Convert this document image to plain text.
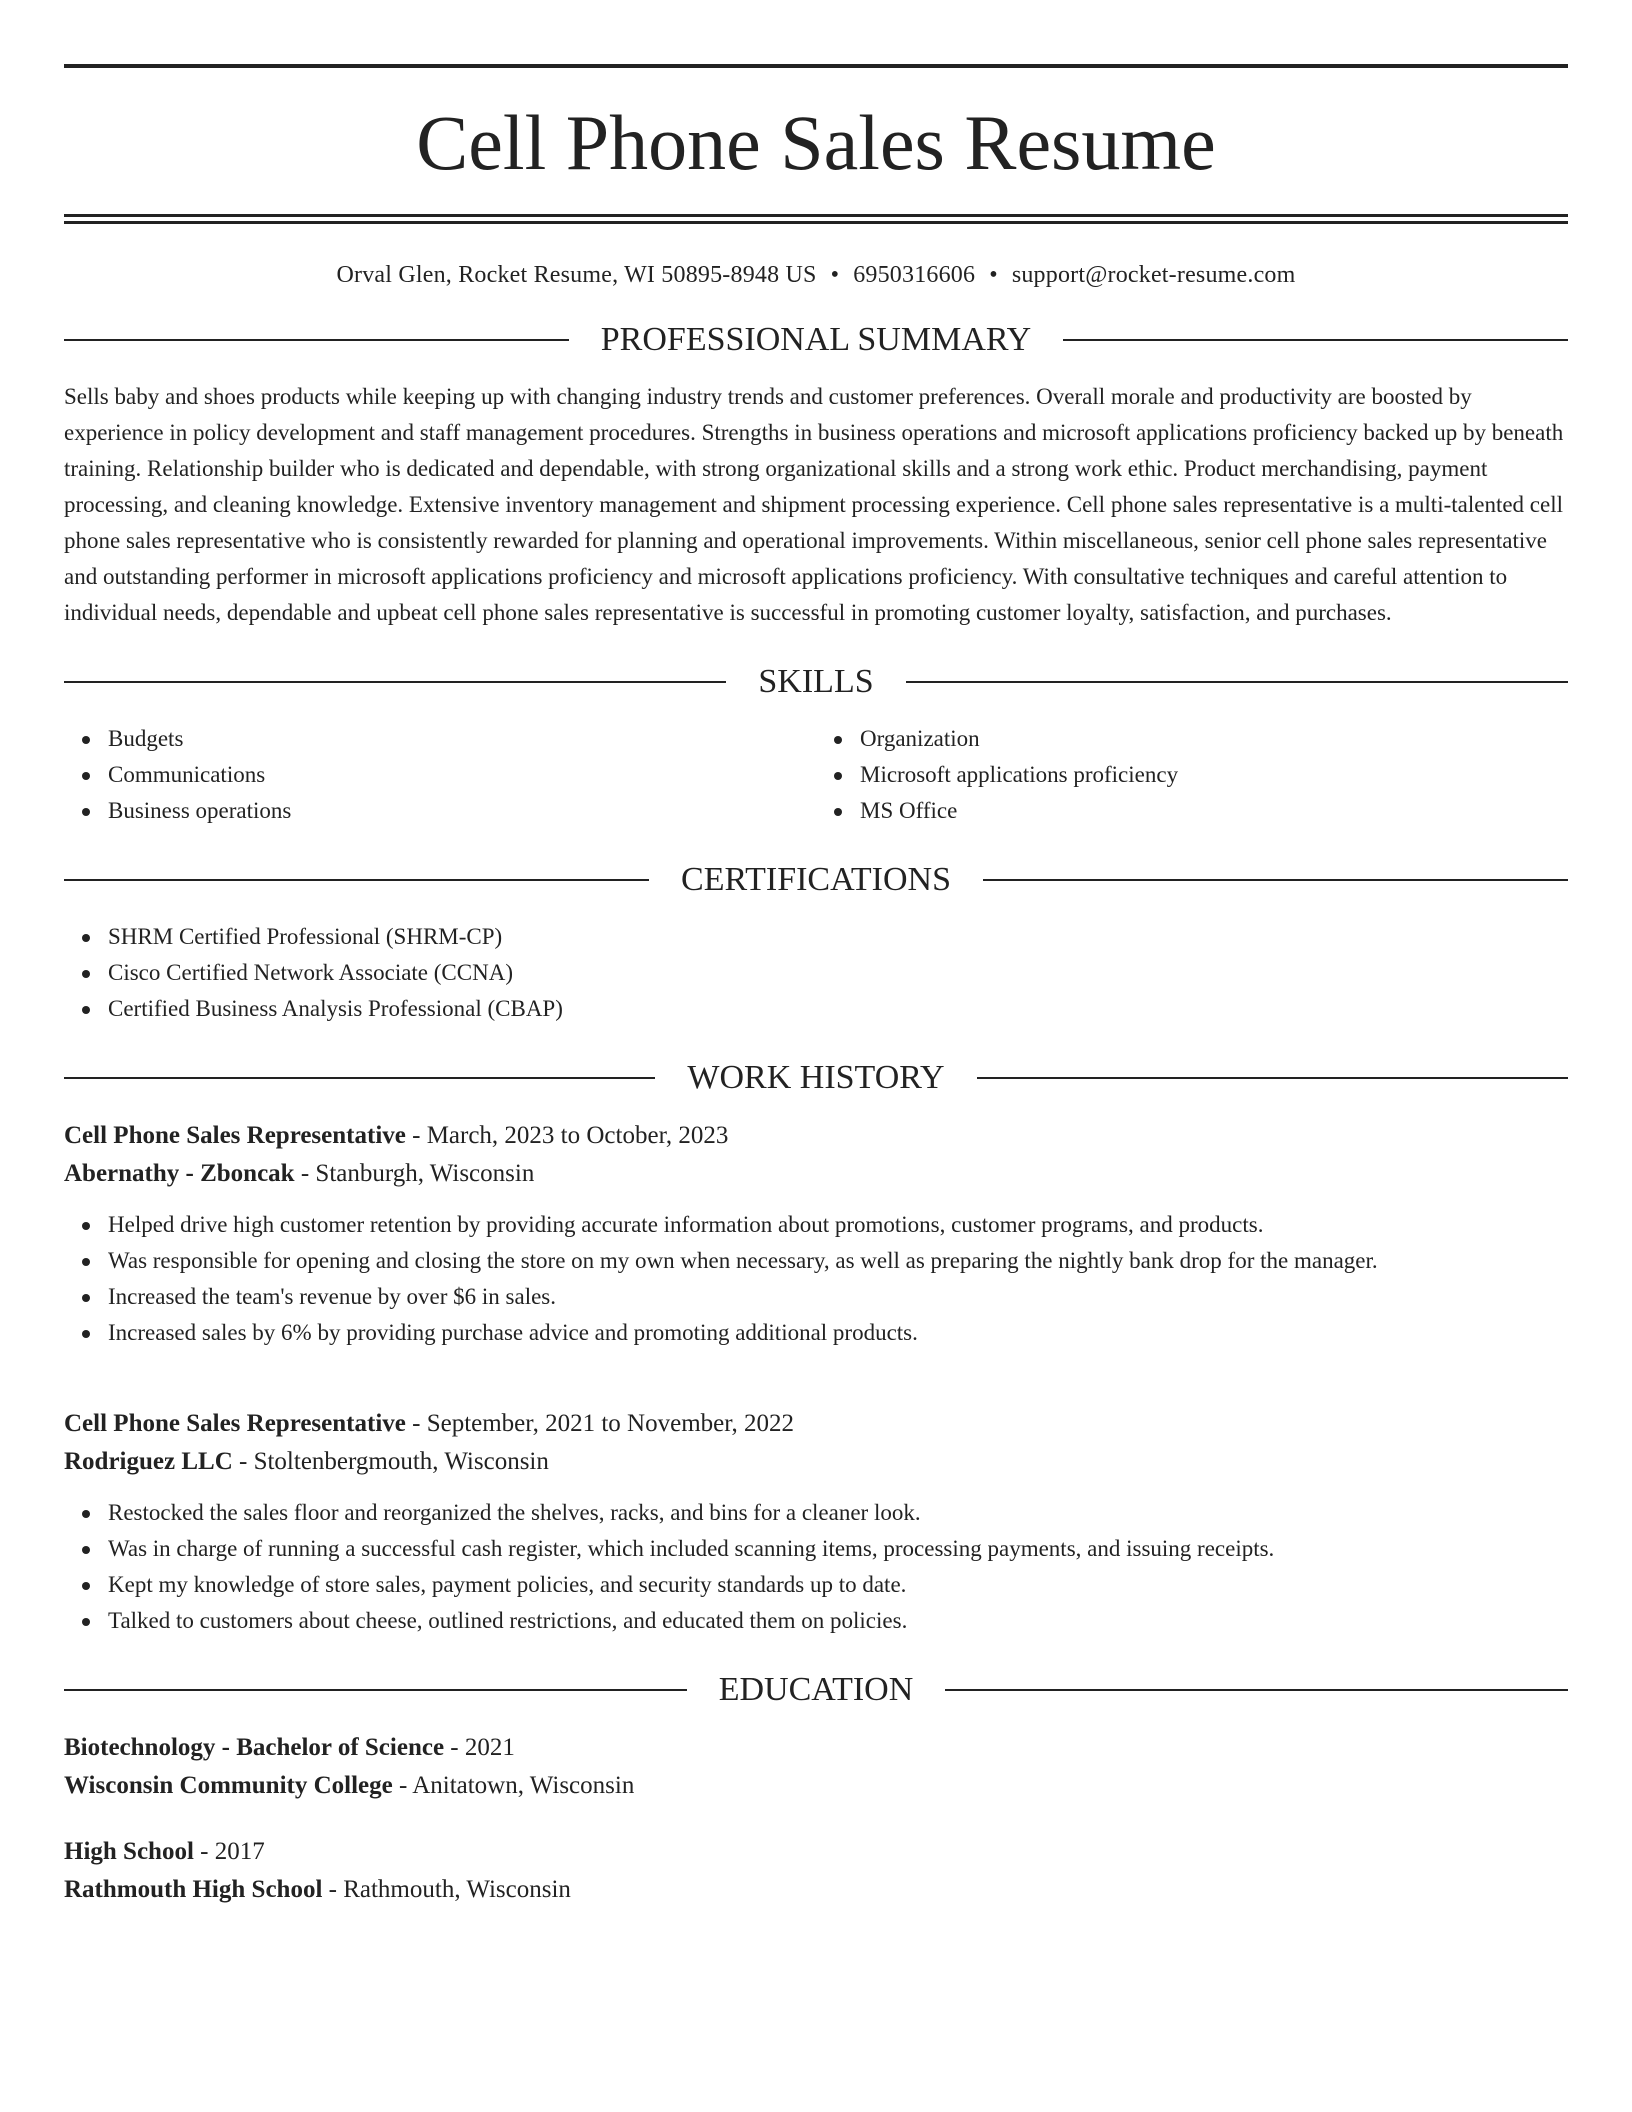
Cell Phone Sales Resume
Orval Glen, Rocket Resume, WI 50895-8948 US • 6950316606 • support@rocket-resume.com
PROFESSIONAL SUMMARY

Sells baby and shoes products while keeping up with changing industry trends and customer preferences. Overall morale and productivity are boosted by experience in policy development and staff management procedures. Strengths in business operations and microsoft applications proficiency backed up by beneath training. Relationship builder who is dedicated and dependable, with strong organizational skills and a strong work ethic. Product merchandising, payment processing, and cleaning knowledge. Extensive inventory management and shipment processing experience. Cell phone sales representative is a multi-talented cell phone sales representative who is consistently rewarded for planning and operational improvements. Within miscellaneous, senior cell phone sales representative and outstanding performer in microsoft applications proficiency and microsoft applications proficiency. With consultative techniques and careful attention to individual needs, dependable and upbeat cell phone sales representative is successful in promoting customer loyalty, satisfaction, and purchases.

SKILLS
Budgets
Communications
Business operations
Organization
Microsoft applications proficiency
MS Office
CERTIFICATIONS
SHRM Certified Professional (SHRM-CP)
Cisco Certified Network Associate (CCNA)
Certified Business Analysis Professional (CBAP)
WORK HISTORY
Cell Phone Sales Representative - March, 2023 to October, 2023
Abernathy - Zboncak - Stanburgh, Wisconsin
Helped drive high customer retention by providing accurate information about promotions, customer programs, and products.
Was responsible for opening and closing the store on my own when necessary, as well as preparing the nightly bank drop for the manager.
Increased the team's revenue by over $6 in sales.
Increased sales by 6% by providing purchase advice and promoting additional products.
Cell Phone Sales Representative - September, 2021 to November, 2022
Rodriguez LLC - Stoltenbergmouth, Wisconsin
Restocked the sales floor and reorganized the shelves, racks, and bins for a cleaner look.
Was in charge of running a successful cash register, which included scanning items, processing payments, and issuing receipts.
Kept my knowledge of store sales, payment policies, and security standards up to date.
Talked to customers about cheese, outlined restrictions, and educated them on policies.
EDUCATION
Biotechnology - Bachelor of Science - 2021
Wisconsin Community College - Anitatown, Wisconsin
High School - 2017
Rathmouth High School - Rathmouth, Wisconsin
